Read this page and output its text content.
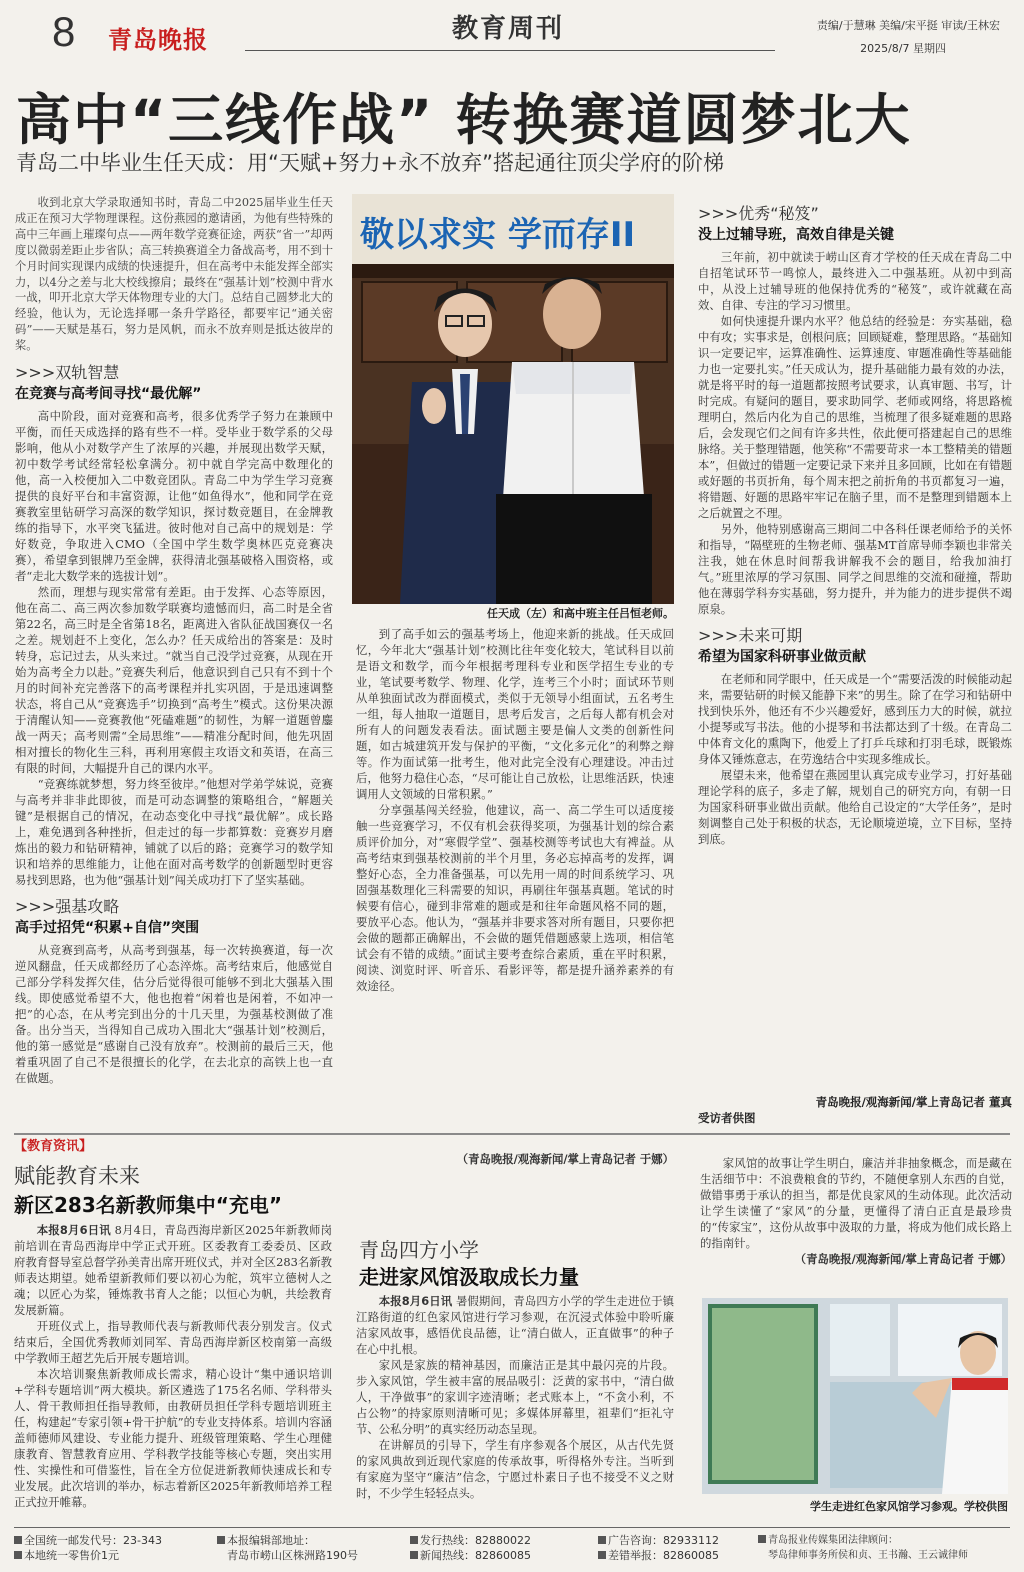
8 青岛晚报	教育周刊	责编/于慧琳 美编/宋平挺 审读/王林宏
2025/8/7 星期四
高中“三线作战” 转换赛道圆梦北大
青岛二中毕业生任天成：用“天赋+努力+永不放弃”搭起通往顶尖学府的阶梯

收到北京大学录取通知书时，青岛二中2025届毕业生任天成正在预习大学物理课程。这份燕园的邀请函，为他有些特殊的高中三年画上璀璨句点——两年数学竞赛征途，两获“省一”却两度以微弱差距止步省队；高三转换赛道全力备战高考，用不到十个月时间实现课内成绩的快速提升，但在高考中未能发挥全部实力，以4分之差与北大校线擦肩；最终在“强基计划”校测中背水一战，叩开北京大学天体物理专业的大门。总结自己圆梦北大的经验，他认为，无论选择哪一条升学路径，都要牢记“通关密码”——天赋是基石，努力是风帆，而永不放弃则是抵达彼岸的桨。

>>>双轨智慧
在竞赛与高考间寻找“最优解”

高中阶段，面对竞赛和高考，很多优秀学子努力在兼顾中平衡，而任天成选择的路有些不一样。受毕业于数学系的父母影响，他从小对数学产生了浓厚的兴趣，并展现出数学天赋，初中数学考试经常轻松拿满分。初中就自学完高中数理化的他，高一入校便加入二中数竞团队。青岛二中为学生学习竞赛提供的良好平台和丰富资源，让他“如鱼得水”，他和同学在竞赛教室里钻研学习高深的数学知识，探讨数竞题目，在金牌教练的指导下，水平突飞猛进。彼时他对自己高中的规划是：学好数竞，争取进入CMO（全国中学生数学奥林匹克竞赛决赛），希望拿到银牌乃至金牌，获得清北强基破格入围资格，或者“走北大数学来的选拔计划”。

然而，理想与现实常常有差距。由于发挥、心态等原因，他在高二、高三两次参加数学联赛均遗憾而归，高二时是全省第22名，高三时是全省第18名，距离进入省队征战国赛仅一名之差。规划赶不上变化，怎么办？任天成给出的答案是：及时转身，忘记过去，从头来过。“就当自己没学过竞赛，从现在开始为高考全力以赴。”竞赛失利后，他意识到自己只有不到十个月的时间补充完善落下的高考课程并扎实巩固，于是迅速调整状态，将自己从“竞赛选手”切换到“高考生”模式。这份果决源于清醒认知——竞赛教他“死磕难题”的韧性，为解一道题曾鏖战一两天；高考则需“全局思维”——精准分配时间，他先巩固相对擅长的物化生三科，再利用寒假主攻语文和英语，在高三有限的时间，大幅提升自己的课内水平。

“竞赛练就梦想，努力终至彼岸。”他想对学弟学妹说，竞赛与高考并非非此即彼，而是可动态调整的策略组合，“解题关键”是根据自己的情况，在动态变化中寻找“最优解”。成长路上，难免遇到各种挫折，但走过的每一步都算数：竞赛岁月磨炼出的毅力和钻研精神，铺就了以后的路；竞赛学习的数学知识和培养的思维能力，让他在面对高考数学的创新题型时更容易找到思路，也为他“强基计划”闯关成功打下了坚实基础。

>>>强基攻略
高手过招凭“积累+自信”突围

从竞赛到高考，从高考到强基，每一次转换赛道，每一次逆风翻盘，任天成都经历了心态淬炼。高考结束后，他感觉自己部分学科发挥欠佳，估分后觉得很可能够不到北大强基入围线。即使感觉希望不大，他也抱着“闲着也是闲着，不如冲一把”的心态，在从考完到出分的十几天里，为强基校测做了准备。出分当天，当得知自己成功入围北大“强基计划”校测后，他的第一感觉是“感谢自己没有放弃”。校测前的最后三天，他着重巩固了自己不是很擅长的化学，在去北京的高铁上也一直在做题。

敬以求实 学而存II
任天成（左）和高中班主任吕恒老师。

到了高手如云的强基考场上，他迎来新的挑战。任天成回忆，今年北大“强基计划”校测比往年变化较大，笔试科目以前是语文和数学，而今年根据考理科专业和医学招生专业的专业，笔试要考数学、物理、化学，连考三个小时；面试环节则从单独面试改为群面模式，类似于无领导小组面试，五名考生一组，每人抽取一道题目，思考后发言，之后每人都有机会对所有人的问题发表看法。面试题主要是偏人文类的创新性问题，如古城建筑开发与保护的平衡，“文化多元化”的利弊之辩等。作为面试第一批考生，他对此完全没有心理建设。冲击过后，他努力稳住心态，“尽可能让自己放松，让思维活跃，快速调用人文领域的日常积累。”

分享强基闯关经验，他建议，高一、高二学生可以适度接触一些竞赛学习，不仅有机会获得奖项，为强基计划的综合素质评价加分，对“寒假学堂”、强基校测等考试也大有裨益。从高考结束到强基校测前的半个月里，务必忘掉高考的发挥，调整好心态，全力准备强基，可以先用一周的时间系统学习、巩固强基数理化三科需要的知识，再刷往年强基真题。笔试的时候要有信心，碰到非常难的题或是和往年命题风格不同的题，要放平心态。他认为，“强基并非要求答对所有题目，只要你把会做的题都正确解出，不会做的题凭借题感蒙上选项，相信笔试会有不错的成绩。”面试主要考查综合素质，重在平时积累，阅读、浏览时评、听音乐、看影评等，都是提升涵养素养的有效途径。

>>>优秀“秘笈”
没上过辅导班，高效自律是关键

三年前，初中就读于崂山区育才学校的任天成在青岛二中自招笔试环节一鸣惊人，最终进入二中强基班。从初中到高中，从没上过辅导班的他保持优秀的“秘笈”，或许就藏在高效、自律、专注的学习习惯里。

如何快速提升课内水平？他总结的经验是：夯实基础，稳中有攻；实事求是，创根问底；回顾疑难，整理思路。“基础知识一定要记牢，运算准确性、运算速度、审题准确性等基础能力也一定要扎实。”任天成认为，提升基础能力最有效的办法，就是将平时的每一道题都按照考试要求，认真审题、书写，计时完成。有疑问的题目，要求助同学、老师或网络，将思路梳理明白，然后内化为自己的思维，当梳理了很多疑难题的思路后，会发现它们之间有许多共性，依此便可搭建起自己的思维脉络。关于整理错题，他笑称“不需要苛求一本工整精美的错题本”，但做过的错题一定要记录下来并且多回顾，比如在有错题或好题的书页折角，每个周末把之前折角的书页都复习一遍，将错题、好题的思路牢牢记在脑子里，而不是整理到错题本上之后就置之不理。

另外，他特别感谢高三期间二中各科任课老师给予的关怀和指导，“隔壁班的生物老师、强基MT首席导师李颖也非常关注我，她在休息时间帮我讲解我不会的题目，给我加油打气。”班里浓厚的学习氛围、同学之间思维的交流和碰撞，帮助他在薄弱学科夯实基础，努力提升，并为能力的进步提供不竭原泉。

>>>未来可期
希望为国家科研事业做贡献

在老师和同学眼中，任天成是一个“需要活泼的时候能动起来，需要钻研的时候又能静下来”的男生。除了在学习和钻研中找到快乐外，他还有不少兴趣爱好，感到压力大的时候，就拉小提琴或写书法。他的小提琴和书法都达到了十级。在青岛二中体育文化的熏陶下，他爱上了打乒乓球和打羽毛球，既锻炼身体又锤炼意志，在劳逸结合中实现多维成长。

展望未来，他希望在燕园里认真完成专业学习，打好基础理论学科的底子，多走了解，规划自己的研究方向，有朝一日为国家科研事业做出贡献。他给自己设定的“大学任务”，是时刻调整自己处于积极的状态，无论顺境逆境，立下目标，坚持到底。

青岛晚报/观海新闻/掌上青岛记者 董真
受访者供图
【教育资讯】
赋能教育未来
新区283名新教师集中“充电”

本报8月6日讯 8月4日，青岛西海岸新区2025年新教师岗前培训在青岛西海岸中学正式开班。区委教育工委委员、区政府教育督导室总督学孙美青出席开班仪式，并对全区283名新教师表达期望。她希望新教师们要以初心为舵，筑牢立德树人之魂；以匠心为桨，锤炼教书育人之能；以恒心为帆，共绘教育发展新篇。

开班仪式上，指导教师代表与新教师代表分别发言。仪式结束后，全国优秀教师刘同军、青岛西海岸新区校南第一高级中学教师王超艺先后开展专题培训。

本次培训聚焦新教师成长需求，精心设计“集中通识培训+学科专题培训”两大模块。新区遴选了175名名师、学科带头人、骨干教师担任指导教师，由教研员担任学科专题培训班主任，构建起“专家引领+骨干护航”的专业支持体系。培训内容涵盖师德师风建设、专业能力提升、班级管理策略、学生心理健康教育、智慧教育应用、学科教学技能等核心专题，突出实用性、实操性和可借鉴性，旨在全方位促进新教师快速成长和专业发展。此次培训的举办，标志着新区2025年新教师培养工程正式拉开帷幕。

（青岛晚报/观海新闻/掌上青岛记者 于娜）

青岛四方小学
走进家风馆汲取成长力量

本报8月6日讯 暑假期间，青岛四方小学的学生走进位于镇江路街道的红色家风馆进行学习参观，在沉浸式体验中聆听廉洁家风故事，感悟优良品德，让“清白做人，正直做事”的种子在心中扎根。

家风是家族的精神基因，而廉洁正是其中最闪亮的片段。步入家风馆，学生被丰富的展品吸引：泛黄的家书中，“清白做人，干净做事”的家训字迹清晰；老式账本上，“不贪小利，不占公物”的持家原则清晰可见；多媒体屏幕里，祖辈们“拒礼守节、公私分明”的真实经历动态呈现。

在讲解员的引导下，学生有序参观各个展区，从古代先贤的家风典故到近现代家庭的传承故事，听得格外专注。当听到有家庭为坚守“廉洁”信念，宁愿过朴素日子也不接受不义之财时，不少学生轻轻点头。

家风馆的故事让学生明白，廉洁并非抽象概念，而是藏在生活细节中：不浪费粮食的节约，不随便拿别人东西的自觉，做错事勇于承认的担当，都是优良家风的生动体现。此次活动让学生读懂了“家风”的分量，更懂得了清白正直是最珍贵的“传家宝”，这份从故事中汲取的力量，将成为他们成长路上的指南针。

（青岛晚报/观海新闻/掌上青岛记者 于娜）

学生走进红色家风馆学习参观。学校供图
全国统一邮发代号：23-343
本地统一零售价1元
本报编辑部地址：
青岛市崂山区株洲路190号
发行热线：82880022
新闻热线：82860085
广告咨询：82933112
差错举报：82860085
青岛报业传媒集团法律顾问：
琴岛律师事务所侯和贞、王书瀚、王云诚律师
